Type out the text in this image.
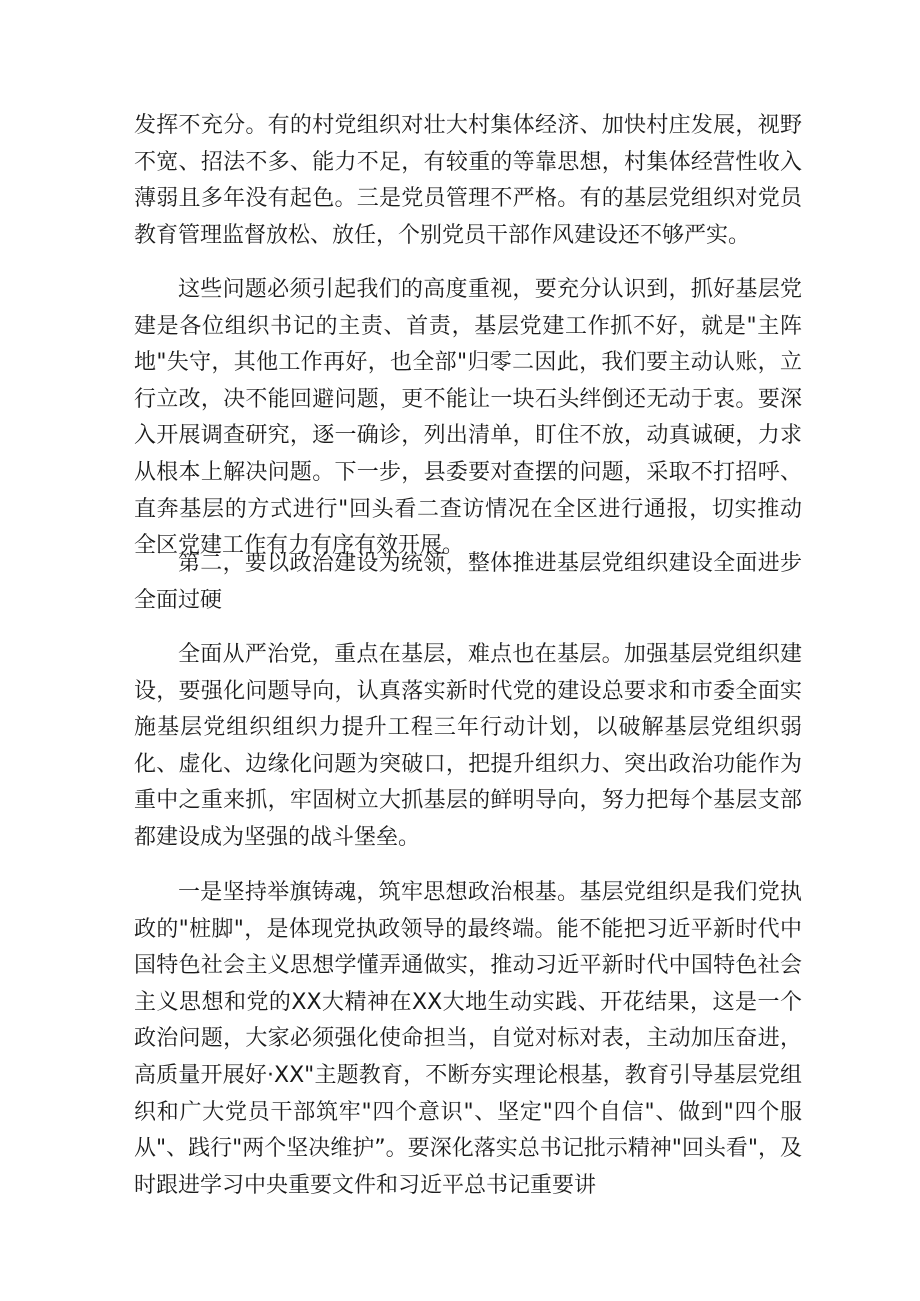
发挥不充分。有的村党组织对壮大村集体经济、加快村庄发展，视野不宽、招法不多、能力不足，有较重的等靠思想，村集体经营性收入薄弱且多年没有起色。三是党员管理不严格。有的基层党组织对党员教育管理监督放松、放任，个别党员干部作风建设还不够严实。

这些问题必须引起我们的高度重视，要充分认识到，抓好基层党建是各位组织书记的主责、首责，基层党建工作抓不好，就是"主阵地"失守，其他工作再好，也全部"归零二因此，我们要主动认账，立行立改，决不能回避问题，更不能让一块石头绊倒还无动于衷。要深入开展调查研究，逐一确诊，列出清单，盯住不放，动真诚硬，力求从根本上解决问题。下一步，县委要对查摆的问题，采取不打招呼、直奔基层的方式进行"回头看二查访情况在全区进行通报，切实推动全区党建工作有力有序有效开展。

第二，要以政治建设为统领，整体推进基层党组织建设全面进步全面过硬

全面从严治党，重点在基层，难点也在基层。加强基层党组织建设，要强化问题导向，认真落实新时代党的建设总要求和市委全面实施基层党组织组织力提升工程三年行动计划，以破解基层党组织弱化、虚化、边缘化问题为突破口，把提升组织力、突出政治功能作为重中之重来抓，牢固树立大抓基层的鲜明导向，努力把每个基层支部都建设成为坚强的战斗堡垒。

一是坚持举旗铸魂，筑牢思想政治根基。基层党组织是我们党执政的"桩脚"，是体现党执政领导的最终端。能不能把习近平新时代中国特色社会主义思想学懂弄通做实，推动习近平新时代中国特色社会主义思想和党的XX大精神在XX大地生动实践、开花结果，这是一个政治问题，大家必须强化使命担当，自觉对标对表，主动加压奋进，高质量开展好·XX"主题教育，不断夯实理论根基，教育引导基层党组织和广大党员干部筑牢"四个意识"、坚定"四个自信"、做到"四个服从"、践行"两个坚决维护”。要深化落实总书记批示精神"回头看"，及时跟进学习中央重要文件和习近平总书记重要讲
